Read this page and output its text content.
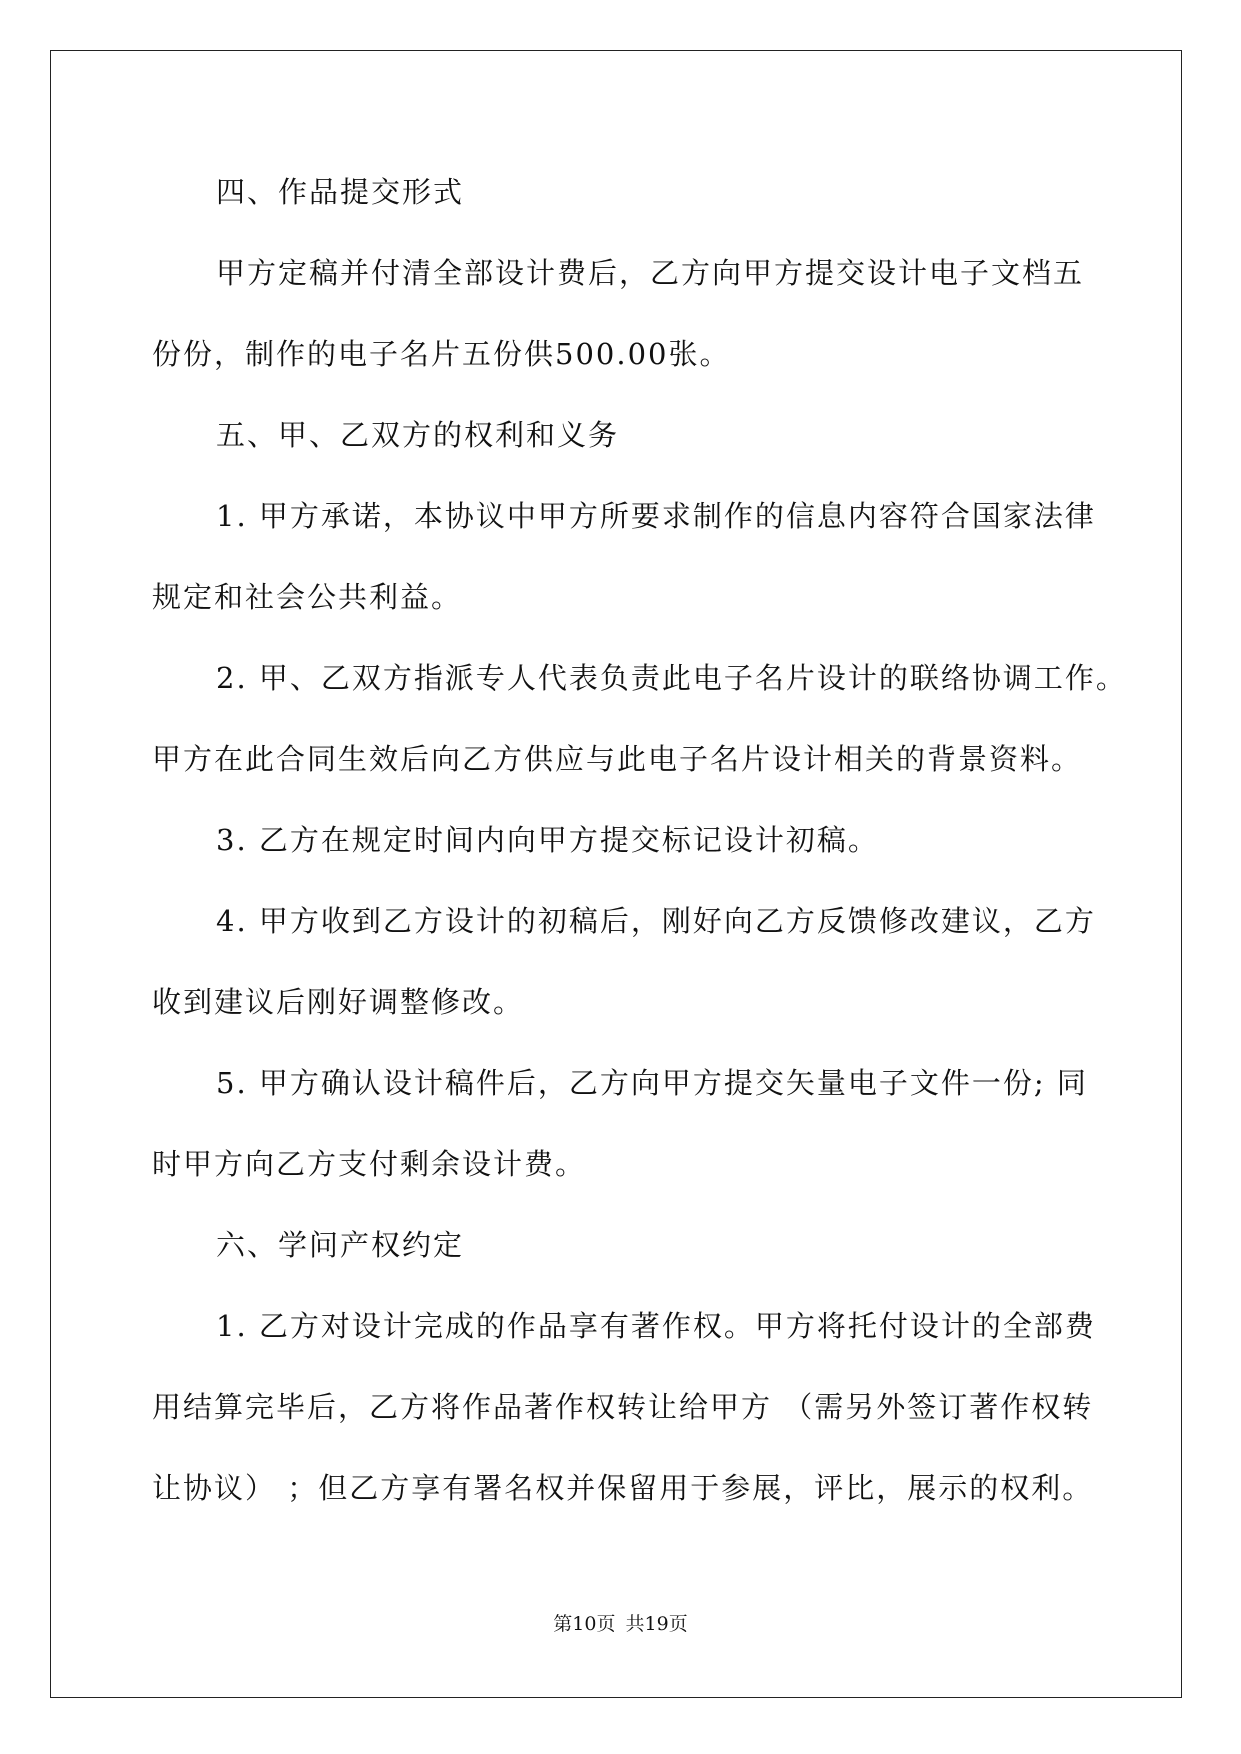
四、作品提交形式
甲方定稿并付清全部设计费后，乙方向甲方提交设计电子文档五
份份，制作的电子名片五份供500.00张。
五、甲、乙双方的权利和义务
1. 甲方承诺，本协议中甲方所要求制作的信息内容符合国家法律
规定和社会公共利益。
2. 甲、乙双方指派专人代表负责此电子名片设计的联络协调工作。
甲方在此合同生效后向乙方供应与此电子名片设计相关的背景资料。
3. 乙方在规定时间内向甲方提交标记设计初稿。
4. 甲方收到乙方设计的初稿后，刚好向乙方反馈修改建议，乙方
收到建议后刚好调整修改。
5. 甲方确认设计稿件后，乙方向甲方提交矢量电子文件一份; 同
时甲方向乙方支付剩余设计费。
六、学问产权约定
1. 乙方对设计完成的作品享有著作权。甲方将托付设计的全部费
用结算完毕后，乙方将作品著作权转让给甲方 （需另外签订著作权转
让协议） ；但乙方享有署名权并保留用于参展，评比，展示的权利。
第10页 共19页
